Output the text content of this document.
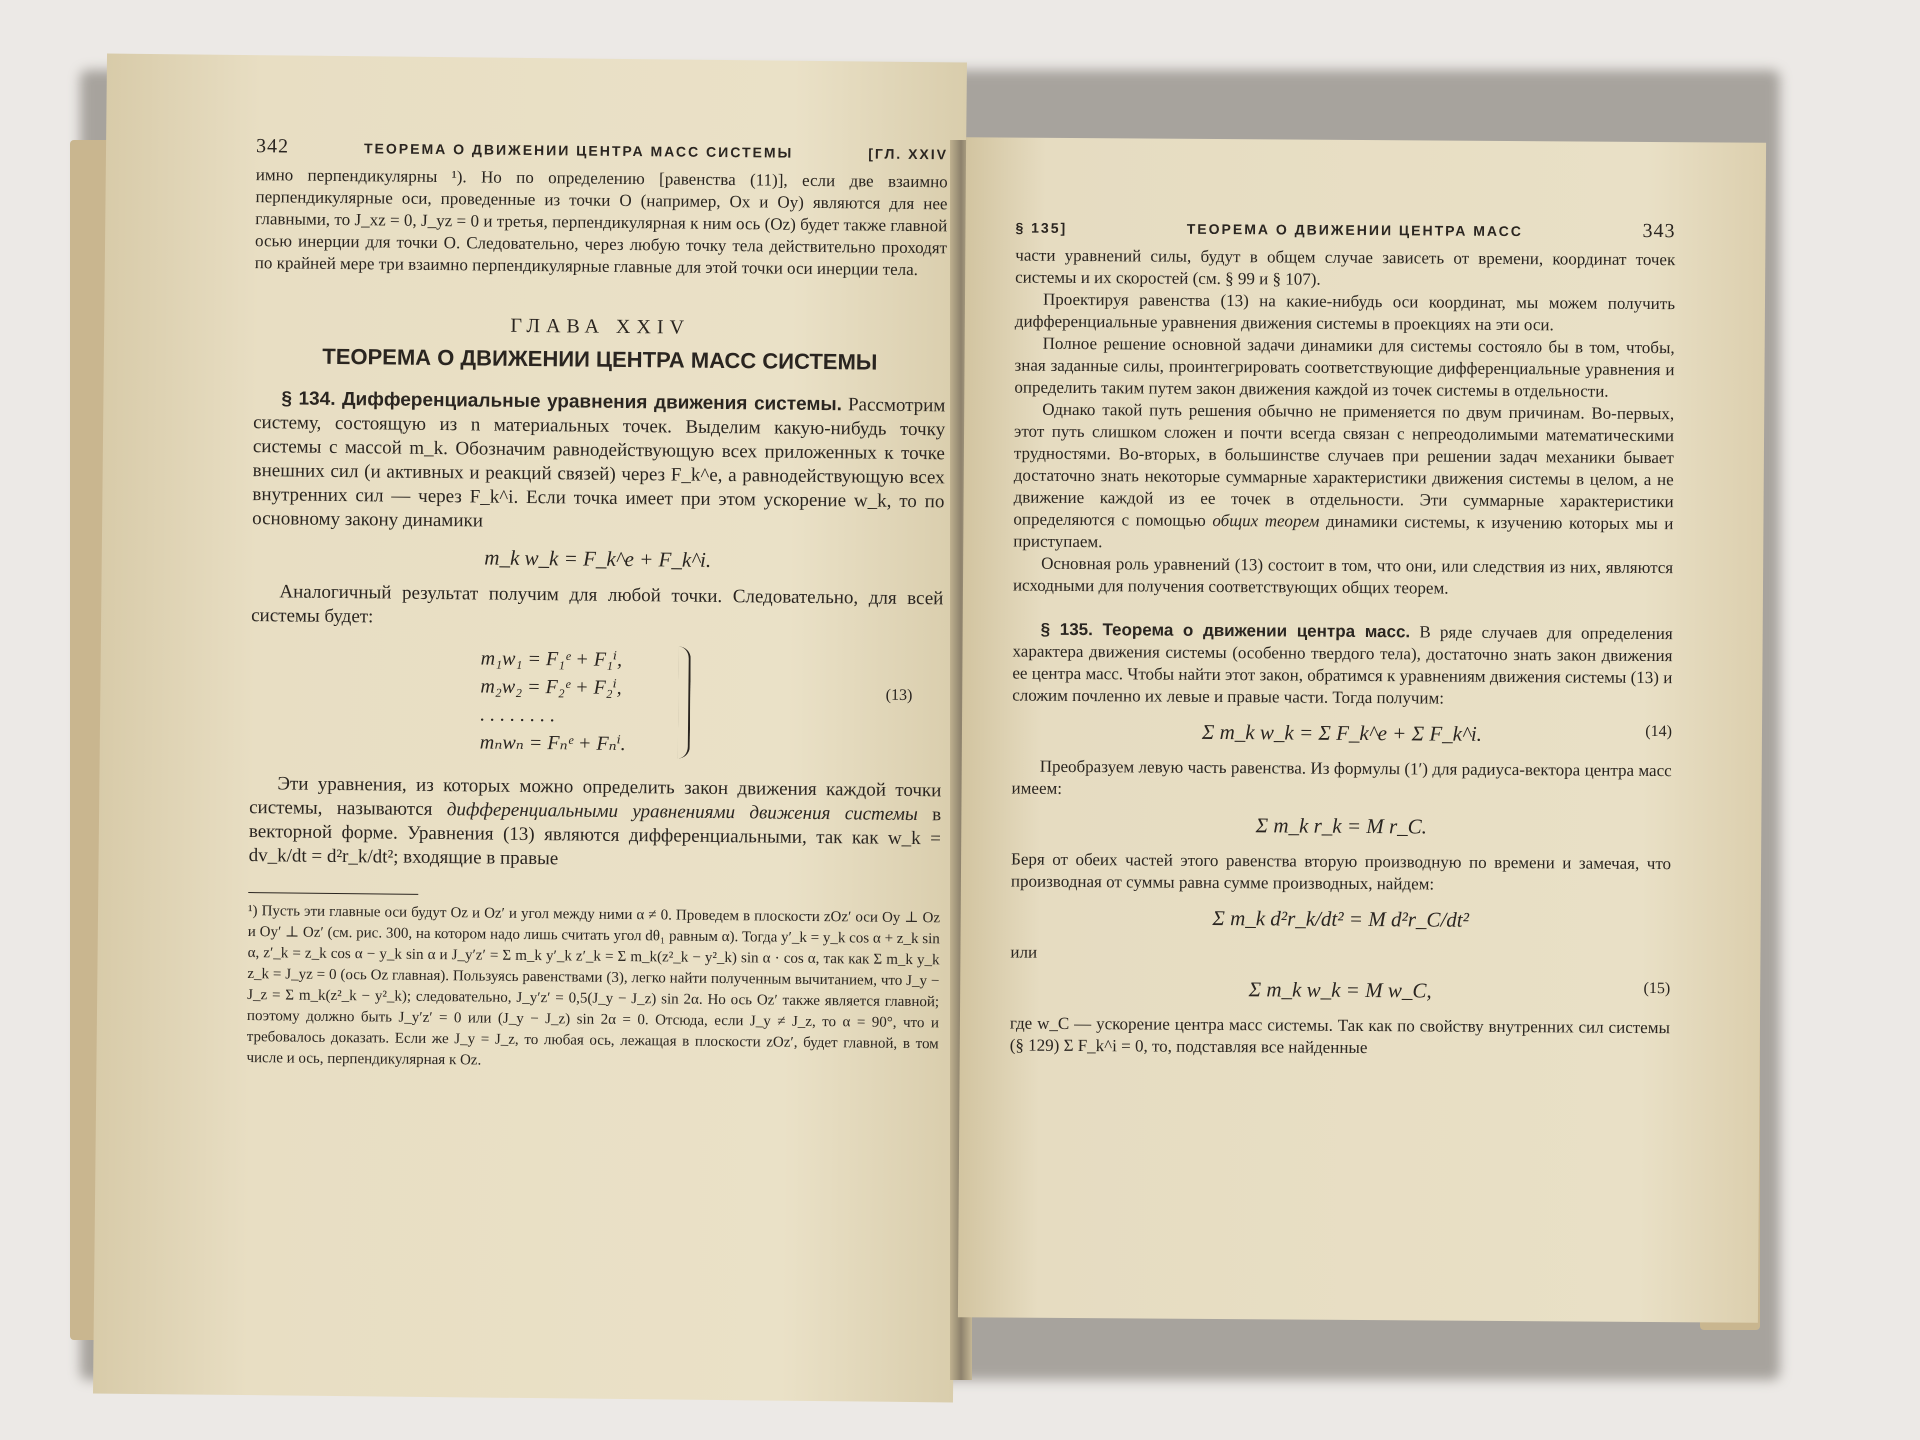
342	ТЕОРЕМА О ДВИЖЕНИИ ЦЕНТРА МАСС СИСТЕМЫ	[ГЛ. XXIV

имно перпендикулярны ¹). Но по определению [равенства (11)], если две взаимно перпендикулярные оси, проведенные из точки O (например, Ox и Oy) являются для нее главными, то J_xz = 0, J_yz = 0 и третья, перпендикулярная к ним ось (Oz) будет также главной осью инерции для точки O. Следовательно, через любую точку тела действительно проходят по крайней мере три взаимно перпендикулярные главные для этой точки оси инерции тела.

ГЛАВА XXIV
ТЕОРЕМА О ДВИЖЕНИИ ЦЕНТРА МАСС СИСТЕМЫ

§ 134. Дифференциальные уравнения движения системы. Рассмотрим систему, состоящую из n материальных точек. Выделим какую-нибудь точку системы с массой m_k. Обозначим равнодействующую всех приложенных к точке внешних сил (и активных и реакций связей) через F_k^e, а равнодействующую всех внутренних сил — через F_k^i. Если точка имеет при этом ускорение w_k, то по основному закону динамики

m_k w_k = F_k^e + F_k^i.

Аналогичный результат получим для любой точки. Следовательно, для всей системы будет:

m₁w₁ = F₁ᵉ + F₁ⁱ,
m₂w₂ = F₂ᵉ + F₂ⁱ,
. . . . . . . .
mₙwₙ = Fₙᵉ + Fₙⁱ.
(13)

Эти уравнения, из которых можно определить закон движения каждой точки системы, называются дифференциальными уравнениями движения системы в векторной форме. Уравнения (13) являются дифференциальными, так как w_k = dv_k/dt = d²r_k/dt²; входящие в правые

¹) Пусть эти главные оси будут Oz и Oz′ и угол между ними α ≠ 0. Проведем в плоскости zOz′ оси Oy ⊥ Oz и Oy′ ⊥ Oz′ (см. рис. 300, на котором надо лишь считать угол dθ₁ равным α). Тогда y′_k = y_k cos α + z_k sin α, z′_k = z_k cos α − y_k sin α и J_y′z′ = Σ m_k y′_k z′_k = Σ m_k(z²_k − y²_k) sin α · cos α, так как Σ m_k y_k z_k = J_yz = 0 (ось Oz главная). Пользуясь равенствами (3), легко найти полученным вычитанием, что J_y − J_z = Σ m_k(z²_k − y²_k); следовательно, J_y′z′ = 0,5(J_y − J_z) sin 2α. Но ось Oz′ также является главной; поэтому должно быть J_y′z′ = 0 или (J_y − J_z) sin 2α = 0. Отсюда, если J_y ≠ J_z, то α = 90°, что и требовалось доказать. Если же J_y = J_z, то любая ось, лежащая в плоскости zOz′, будет главной, в том числе и ось, перпендикулярная к Oz.

§ 135]	ТЕОРЕМА О ДВИЖЕНИИ ЦЕНТРА МАСС	343

части уравнений силы, будут в общем случае зависеть от времени, координат точек системы и их скоростей (см. § 99 и § 107).

Проектируя равенства (13) на какие-нибудь оси координат, мы можем получить дифференциальные уравнения движения системы в проекциях на эти оси.

Полное решение основной задачи динамики для системы состояло бы в том, чтобы, зная заданные силы, проинтегрировать соответствующие дифференциальные уравнения и определить таким путем закон движения каждой из точек системы в отдельности.

Однако такой путь решения обычно не применяется по двум причинам. Во-первых, этот путь слишком сложен и почти всегда связан с непреодолимыми математическими трудностями. Во-вторых, в большинстве случаев при решении задач механики бывает достаточно знать некоторые суммарные характеристики движения системы в целом, а не движение каждой из ее точек в отдельности. Эти суммарные характеристики определяются с помощью общих теорем динамики системы, к изучению которых мы и приступаем.

Основная роль уравнений (13) состоит в том, что они, или следствия из них, являются исходными для получения соответствующих общих теорем.

§ 135. Теорема о движении центра масс. В ряде случаев для определения характера движения системы (особенно твердого тела), достаточно знать закон движения ее центра масс. Чтобы найти этот закон, обратимся к уравнениям движения системы (13) и сложим почленно их левые и правые части. Тогда получим:

Σ m_k w_k = Σ F_k^e + Σ F_k^i.	(14)

Преобразуем левую часть равенства. Из формулы (1′) для радиуса-вектора центра масс имеем:

Σ m_k r_k = M r_C.

Беря от обеих частей этого равенства вторую производную по времени и замечая, что производная от суммы равна сумме производных, найдем:

Σ m_k d²r_k/dt² = M d²r_C/dt²

или

Σ m_k w_k = M w_C,	(15)

где w_C — ускорение центра масс системы. Так как по свойству внутренних сил системы (§ 129) Σ F_k^i = 0, то, подставляя все найденные
